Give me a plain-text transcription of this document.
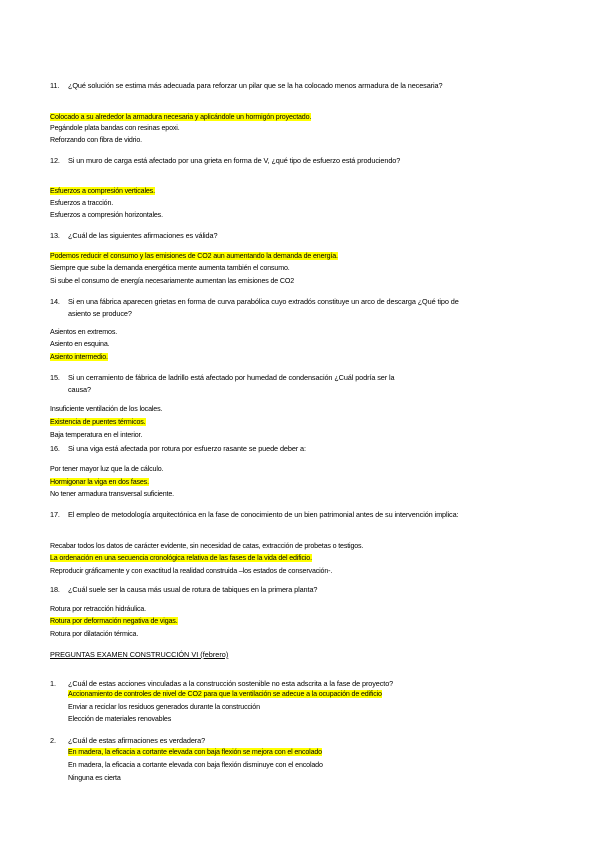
11. ¿Qué solución se estima más adecuada para reforzar un pilar que se la ha colocado menos armadura de la necesaria?
Colocado a su alrededor la armadura necesaria y aplicándole un hormigón proyectado.
Pegándole plata bandas con resinas epoxi.
Reforzando con fibra de vidrio.
12. Si un muro de carga está afectado por una grieta en forma de V, ¿qué tipo de esfuerzo está produciendo?
Esfuerzos a compresión verticales.
Esfuerzos a tracción.
Esfuerzos a compresión horizontales.
13. ¿Cuál de las siguientes afirmaciones es válida?
Podemos reducir el consumo y las emisiones de CO2 aun aumentando la demanda de energía.
Siempre que sube la demanda energética mente aumenta también el consumo.
Si sube el consumo de energía necesariamente aumentan las emisiones de CO2
14. Si en una fábrica aparecen grietas en forma de curva parabólica cuyo extradós constituye un arco de descarga ¿Qué tipo de asiento se produce?
Asientos en extremos.
Asiento en esquina.
Asiento intermedio.
15. Si un cerramiento de fábrica de ladrillo está afectado por humedad de condensación ¿Cuál podría ser la causa?
Insuficiente ventilación de los locales.
Existencia de puentes térmicos.
Baja temperatura en el interior.
16. Si una viga está afectada por rotura por esfuerzo rasante se puede deber a:
Por tener mayor luz que la de cálculo.
Hormigonar la viga en dos fases.
No tener armadura transversal suficiente.
17. El empleo de metodología arquitectónica en la fase de conocimiento de un bien patrimonial antes de su intervención implica:
Recabar todos los datos de carácter evidente, sin necesidad de catas, extracción de probetas o testigos.
La ordenación en una secuencia cronológica relativa de las fases de la vida del edificio.
Reproducir gráficamente y con exactitud la realidad construida –los estados de conservación-.
18. ¿Cuál suele ser la causa más usual de rotura de tabiques en la primera planta?
Rotura por retracción hidráulica.
Rotura por deformación negativa de vigas.
Rotura por dilatación térmica.
PREGUNTAS EXAMEN CONSTRUCCIÓN VI (febrero)
1. ¿Cuál de estas acciones vinculadas a la construcción sostenible no esta adscrita a la fase de proyecto?
Accionamiento de controles de nivel de CO2 para que la ventilación se adecue a la ocupación de edificio
Enviar a reciclar los residuos generados durante la construcción
Elección de materiales renovables
2. ¿Cuál de estas afirmaciones es verdadera?
En madera, la eficacia a cortante elevada con baja flexión se mejora con el encolado
En madera, la eficacia a cortante elevada con baja flexión disminuye con el encolado
Ninguna es cierta
